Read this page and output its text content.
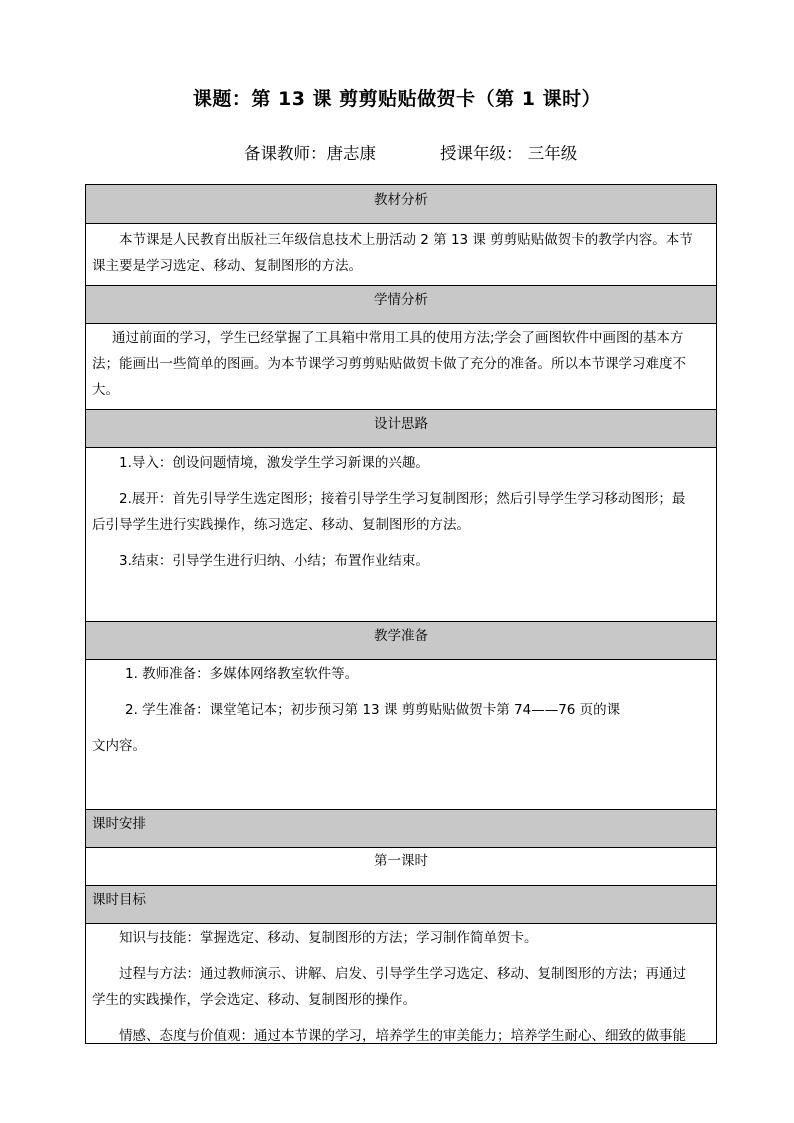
课题：第 13 课 剪剪贴贴做贺卡（第 1 课时）
备课教师：唐志康	授课年级： 三年级
教材分析

本节课是人民教育出版社三年级信息技术上册活动 2 第 13 课 剪剪贴贴做贺卡的教学内容。本节

课主要是学习选定、移动、复制图形的方法。

学情分析

通过前面的学习，学生已经掌握了工具箱中常用工具的使用方法;学会了画图软件中画图的基本方

法；能画出一些简单的图画。为本节课学习剪剪贴贴做贺卡做了充分的准备。所以本节课学习难度不

大。

设计思路

1.导入：创设问题情境，激发学生学习新课的兴趣。

2.展开：首先引导学生选定图形；接着引导学生学习复制图形；然后引导学生学习移动图形；最

后引导学生进行实践操作，练习选定、移动、复制图形的方法。

3.结束：引导学生进行归纳、小结；布置作业结束。

教学准备

1. 教师准备：多媒体网络教室软件等。

2. 学生准备：课堂笔记本；初步预习第 13 课 剪剪贴贴做贺卡第 74——76 页的课

文内容。

课时安排

第一课时

课时目标

知识与技能：掌握选定、移动、复制图形的方法；学习制作简单贺卡。

过程与方法：通过教师演示、讲解、启发、引导学生学习选定、移动、复制图形的方法；再通过

学生的实践操作，学会选定、移动、复制图形的操作。

情感、态度与价值观：通过本节课的学习，培养学生的审美能力；培养学生耐心、细致的做事能
